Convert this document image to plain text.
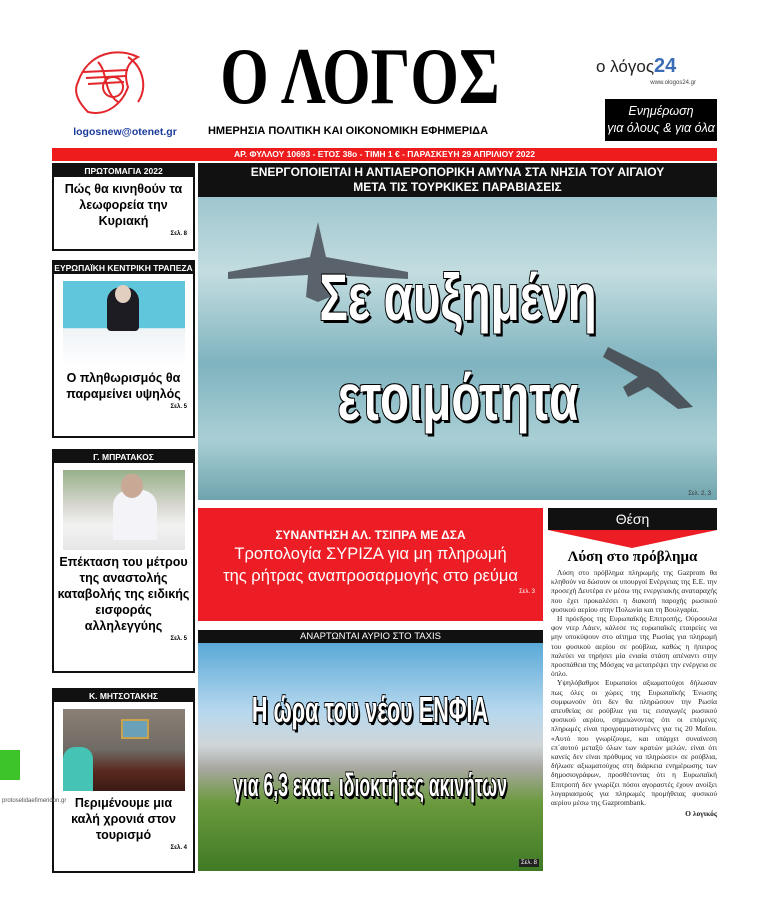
logosnew@otenet.gr
Ο ΛΟΓΟΣ
ΗΜΕΡΗΣΙΑ ΠΟΛΙΤΙΚΗ ΚΑΙ ΟΙΚΟΝΟΜΙΚΗ ΕΦΗΜΕΡΙΔΑ
ο λόγος24
www.ologos24.gr
Ενημέρωση
για όλους & για όλα
ΑΡ. ΦΥΛΛΟΥ 10693 - ΕΤΟΣ 38ο - ΤΙΜΗ 1 € - ΠΑΡΑΣΚΕΥΗ 29 ΑΠΡΙΛΙΟΥ 2022
ΠΡΩΤΟΜΑΓΙΑ 2022
Πώς θα κινηθούν τα λεωφορεία την Κυριακή
Σελ. 8
ΕΥΡΩΠΑΪΚΗ ΚΕΝΤΡΙΚΗ ΤΡΑΠΕΖΑ
Ο πληθωρισμός θα παραμείνει υψηλός
Σελ. 5
Γ. ΜΠΡΑΤΑΚΟΣ
Επέκταση του μέτρου της αναστολής καταβολής της ειδικής εισφοράς αλληλεγγύης
Σελ. 5
Κ. ΜΗΤΣΟΤΑΚΗΣ
Περιμένουμε μια καλή χρονιά στον τουρισμό
Σελ. 4
ΕΝΕΡΓΟΠΟΙΕΙΤΑΙ Η ΑΝΤΙΑΕΡΟΠΟΡΙΚΗ ΑΜΥΝΑ ΣΤΑ ΝΗΣΙΑ ΤΟΥ ΑΙΓΑΙΟΥ
ΜΕΤΑ ΤΙΣ ΤΟΥΡΚΙΚΕΣ ΠΑΡΑΒΙΑΣΕΙΣ
Σε αυξημένη
ετοιμότητα
Σελ. 2, 3
ΣΥΝΑΝΤΗΣΗ ΑΛ. ΤΣΙΠΡΑ ΜΕ ΔΣΑ
Τροπολογία ΣΥΡΙΖΑ για μη πληρωμή
της ρήτρας αναπροσαρμογής στο ρεύμα
Σελ. 3
ΑΝΑΡΤΩΝΤΑΙ ΑΥΡΙΟ ΣΤΟ TAXIS
Η ώρα του νέου ΕΝΦΙΑ
για 6,3 εκατ. ιδιοκτήτες ακινήτων
Σελ. 8
Θέση
Λύση στο πρόβλημα

Λύση στο πρόβλημα πληρωμής της Gazprom θα κληθούν να δώσουν οι υπουργοί Ενέργειας της Ε.Ε. την προσεχή Δευτέρα εν μέσω της ενεργειακής αναταραχής που έχει προκαλέσει η διακοπή παροχής ρωσικού φυσικού αερίου στην Πολωνία και τη Βουλγαρία.

Η πρόεδρος της Ευρωπαϊκής Επιτροπής, Ούρσουλα φον ντερ Λάιεν, κάλεσε τις ευρωπαϊκές εταιρείες να μην υποκύψουν στο αίτημα της Ρωσίας για πληρωμή του φυσικού αερίου σε ρούβλια, καθώς η ήπειρος παλεύει να τηρήσει μία ενιαία στάση απέναντι στην προσπάθεια της Μόσχας να μετατρέψει την ενέργεια σε όπλο.

Υψηλόβαθμοι Ευρωπαίοι αξιωματούχοι δήλωσαν πως όλες οι χώρες της Ευρωπαϊκής Ένωσης συμφωνούν ότι δεν θα πληρώσουν την Ρωσία απευθείας σε ρούβλια για τις εισαγωγές ρωσικού φυσικού αερίου, σημειώνοντας ότι οι επόμενες πληρωμές είναι προγραμματισμένες για τις 20 Μαΐου. «Αυτό που γνωρίζουμε, και υπάρχει συναίνεση επ΄αυτού μεταξύ όλων των κρατών μελών, είναι ότι κανείς δεν είναι πρόθυμος να πληρώσει» σε ρούβλια, δήλωσε αξιωματούχος στη διάρκεια ενημέρωσης των δημοσιογράφων, προσθέτοντας ότι η Ευρωπαϊκή Επιτροπή δεν γνωρίζει πόσοι αγοραστές έχουν ανοίξει λογαριασμούς για πληρωμές προμήθειας φυσικού αερίου μέσω της Gazprombank.

Ο λογικός
protoselidaefimeridon.gr
